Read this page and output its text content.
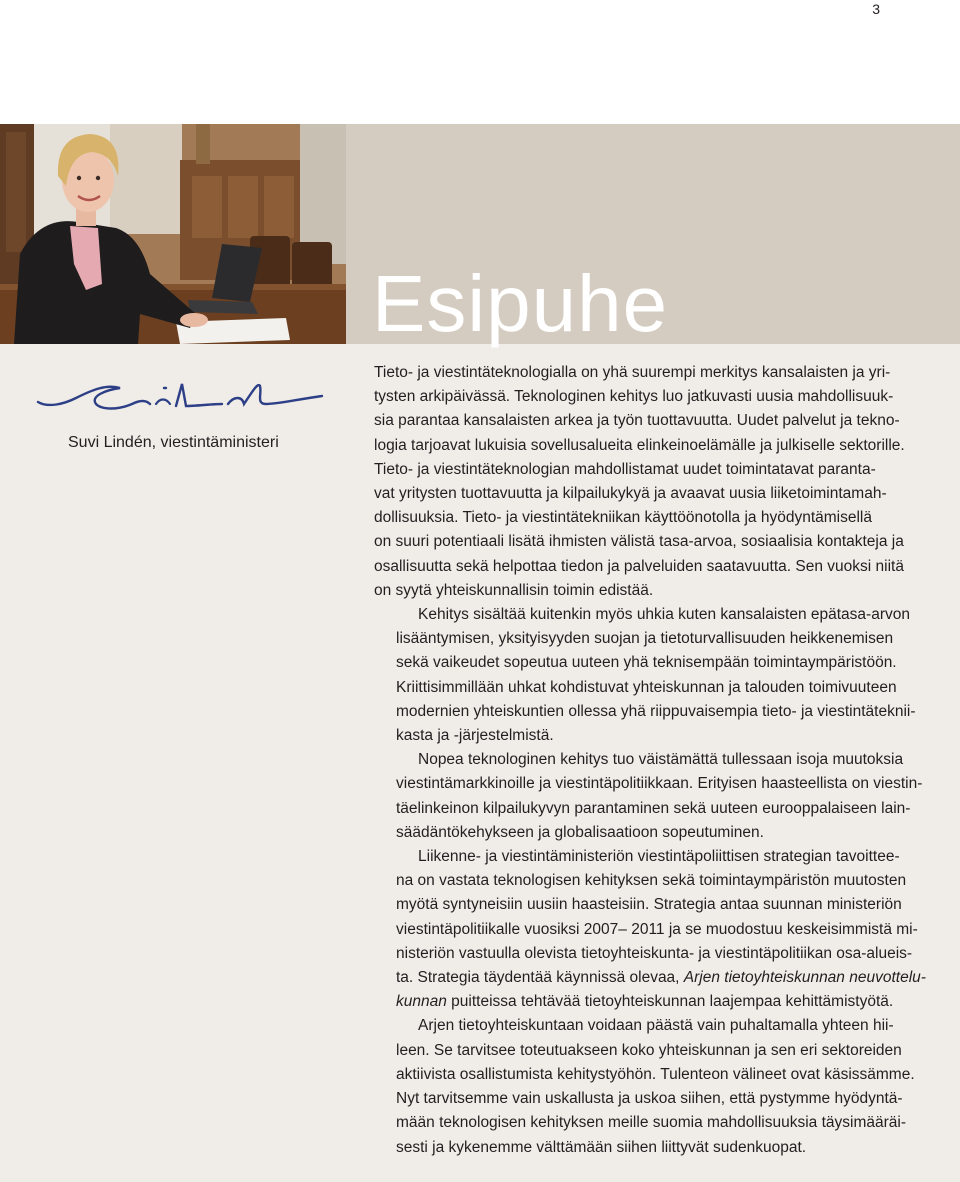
3
Esipuhe
Suvi Lindén, viestintäministeri

Tieto- ja viestintäteknologialla on yhä suurempi merkitys kansalaisten ja yri-
tysten arkipäivässä. Teknologinen kehitys luo jatkuvasti uusia mahdollisuuk-
sia parantaa kansalaisten arkea ja työn tuottavuutta. Uudet palvelut ja tekno-
logia tarjoavat lukuisia sovellusalueita elinkeinoelämälle ja julkiselle sektorille.
Tieto- ja viestintäteknologian mahdollistamat uudet toimintatavat paranta-
vat yritysten tuottavuutta ja kilpailukykyä ja avaavat uusia liiketoimintamah-
dollisuuksia. Tieto- ja viestintätekniikan käyttöönotolla ja hyödyntämisellä
on suuri potentiaali lisätä ihmisten välistä tasa-arvoa, sosiaalisia kontakteja ja
osallisuutta sekä helpottaa tiedon ja palveluiden saatavuutta. Sen vuoksi niitä
on syytä yhteiskunnallisin toimin edistää.

Kehitys sisältää kuitenkin myös uhkia kuten kansalaisten epätasa-arvon
lisääntymisen, yksityisyyden suojan ja tietoturvallisuuden heikkenemisen
sekä vaikeudet sopeutua uuteen yhä teknisempään toimintaympäristöön.
Kriittisimmillään uhkat kohdistuvat yhteiskunnan ja talouden toimivuuteen
modernien yhteiskuntien ollessa yhä riippuvaisempia tieto- ja viestintäteknii-
kasta ja -järjestelmistä.

Nopea teknologinen kehitys tuo väistämättä tullessaan isoja muutoksia
viestintämarkkinoille ja viestintäpolitiikkaan. Erityisen haasteellista on viestin-
täelinkeinon kilpailukyvyn parantaminen sekä uuteen eurooppalaiseen lain-
säädäntökehykseen ja globalisaatioon sopeutuminen.

Liikenne- ja viestintäministeriön viestintäpoliittisen strategian tavoittee-
na on vastata teknologisen kehityksen sekä toimintaympäristön muutosten
myötä syntyneisiin uusiin haasteisiin. Strategia antaa suunnan ministeriön
viestintäpolitiikalle vuosiksi 2007– 2011 ja se muodostuu keskeisimmistä mi-
nisteriön vastuulla olevista tietoyhteiskunta- ja viestintäpolitiikan osa-alueis-
ta. Strategia täydentää käynnissä olevaa, Arjen tietoyhteiskunnan neuvottelu-
kunnan puitteissa tehtävää tietoyhteiskunnan laajempaa kehittämistyötä.

Arjen tietoyhteiskuntaan voidaan päästä vain puhaltamalla yhteen hii-
leen. Se tarvitsee toteutuakseen koko yhteiskunnan ja sen eri sektoreiden
aktiivista osallistumista kehitystyöhön. Tulenteon välineet ovat käsissämme.
Nyt tarvitsemme vain uskallusta ja uskoa siihen, että pystymme hyödyntä-
mään teknologisen kehityksen meille suomia mahdollisuuksia täysimääräi-
sesti ja kykenemme välttämään siihen liittyvät sudenkuopat.
